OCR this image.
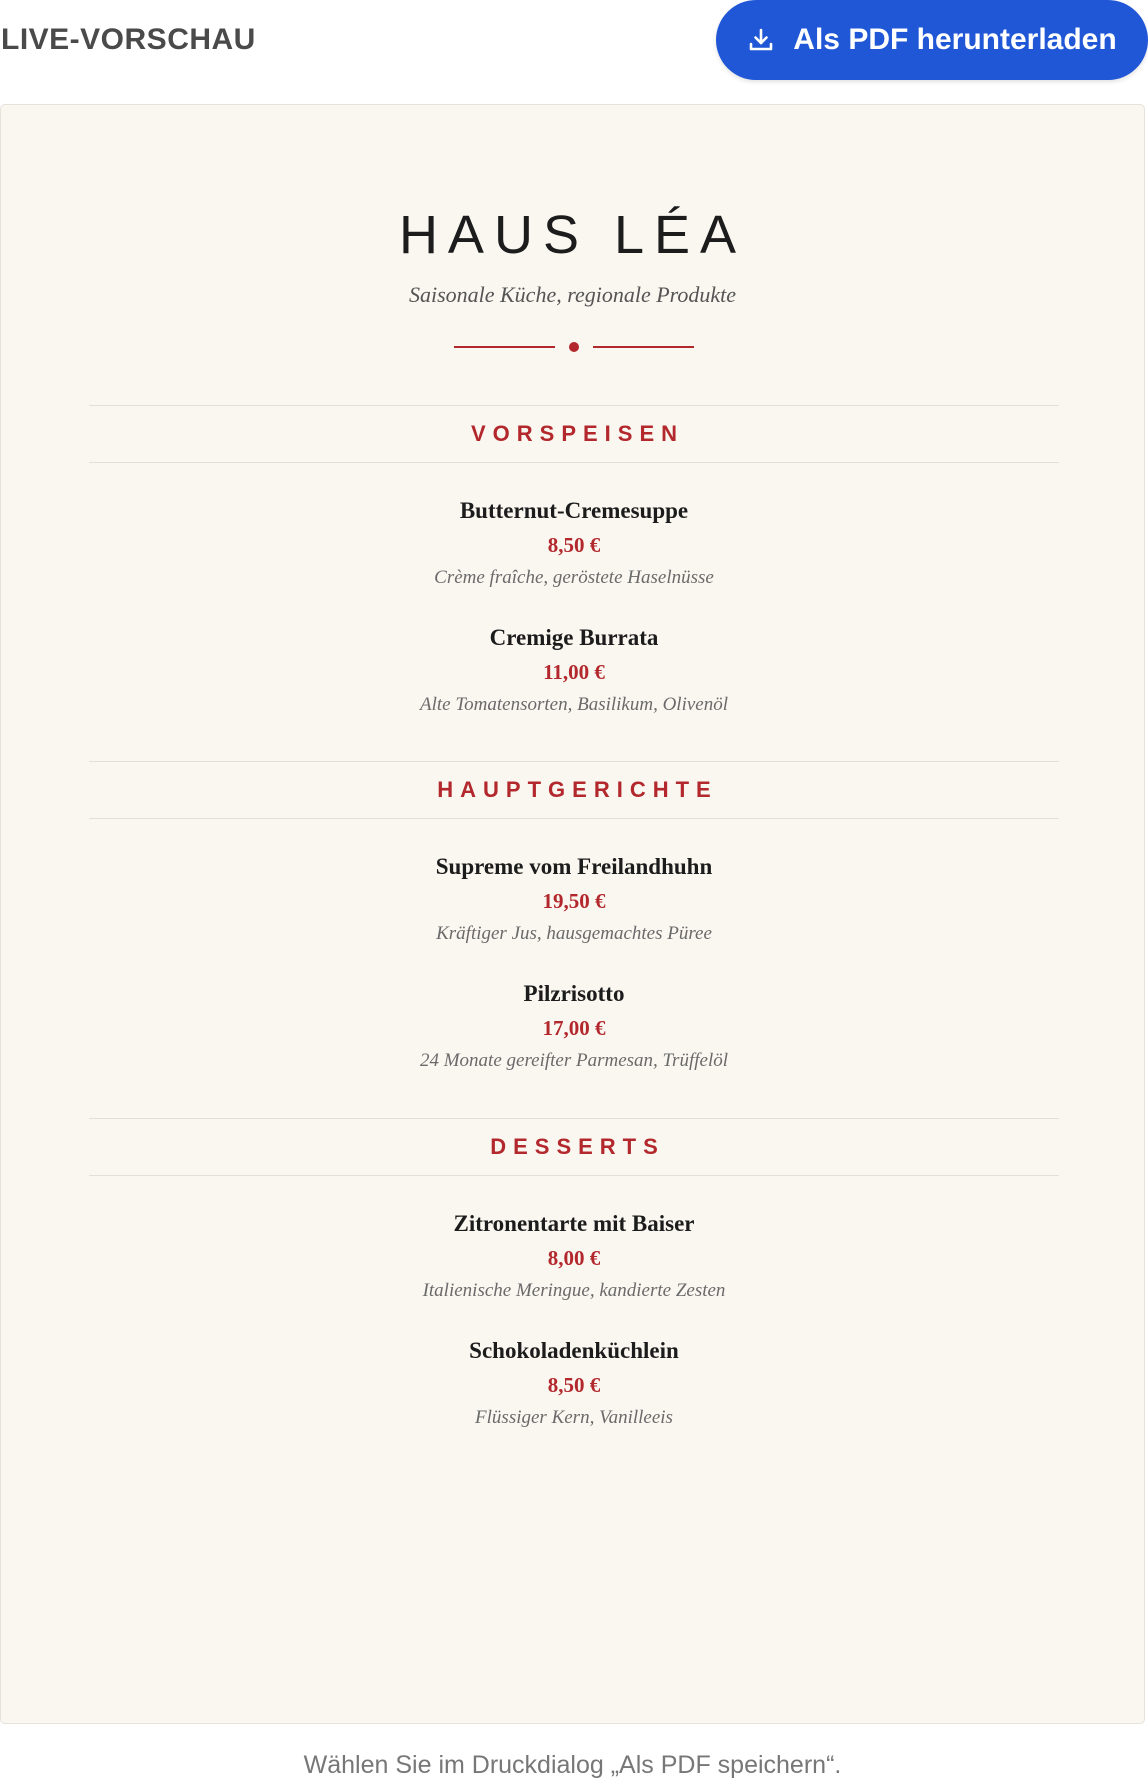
LIVE-VORSCHAU	Als PDF herunterladen
HAUS LÉA
Saisonale Küche, regionale Produkte
VORSPEISEN
Butternut-Cremesuppe
8,50 €
Crème fraîche, geröstete Haselnüsse
Cremige Burrata
11,00 €
Alte Tomatensorten, Basilikum, Olivenöl
HAUPTGERICHTE
Supreme vom Freilandhuhn
19,50 €
Kräftiger Jus, hausgemachtes Püree
Pilzrisotto
17,00 €
24 Monate gereifter Parmesan, Trüffelöl
DESSERTS
Zitronentarte mit Baiser
8,00 €
Italienische Meringue, kandierte Zesten
Schokoladenküchlein
8,50 €
Flüssiger Kern, Vanilleeis
Wählen Sie im Druckdialog „Als PDF speichern“.
